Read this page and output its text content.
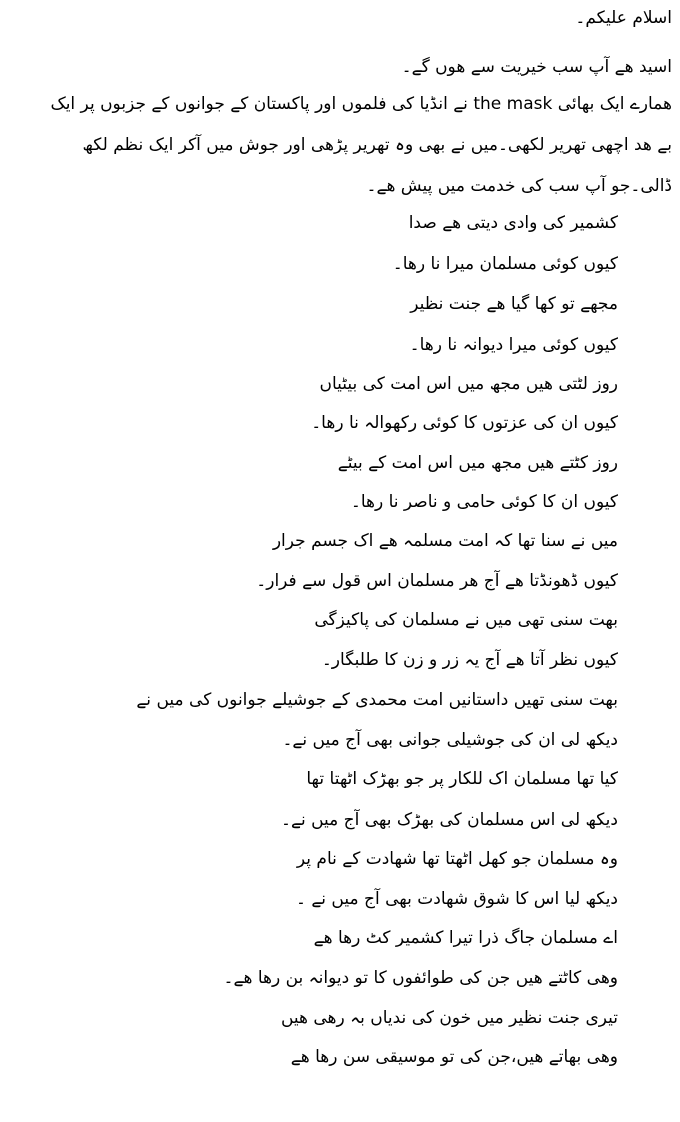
اسلام علیکم۔
اسید ھے آپ سب خیریت سے ھوں گے۔
ھمارے ایک بھائی the mask نے انڈیا کی فلموں اور پاکستان کے جوانوں کے جزبوں پر ایک
بے ھد اچھی تھریر لکھی۔میں نے بھی وہ تھریر پڑھی اور جوش میں آکر ایک نظم لکھ
ڈالی۔جو آپ سب کی خدمت میں پیش ھے۔
کشمیر کی وادی دیتی ھے صدا
کیوں کوئی مسلمان میرا نا رھا۔
مجھے تو کھا گیا ھے جنت نظیر
کیوں کوئی میرا دیوانہ نا رھا۔
روز لٹتی ھیں مجھ میں اس امت کی بیٹیاں
کیوں ان کی عزتوں کا کوئی رکھوالہ نا رھا۔
روز کٹتے ھیں مجھ میں اس امت کے بیٹے
کیوں ان کا کوئی حامی و ناصر نا رھا۔
میں نے سنا تھا کہ امت مسلمہ ھے اک جسم جرار
کیوں ڈھونڈتا ھے آج ھر مسلمان اس قول سے فرار۔
بھت سنی تھی میں نے مسلمان کی پاکیزگی
کیوں نظر آتا ھے آج یہ زر و زن کا طلبگار۔
بھت سنی تھیں داستانیں امت محمدی کے جوشیلے جوانوں کی میں نے
دیکھ لی ان کی جوشیلی جوانی بھی آج میں نے۔
کیا تھا مسلمان اک للکار پر جو بھڑک اٹھتا تھا
دیکھ لی اس مسلمان کی بھڑک بھی آج میں نے۔
وہ مسلمان جو کھل اٹھتا تھا شھادت کے نام پر
دیکھ لیا اس کا شوق شھادت بھی آج میں نے ۔
اے مسلمان جاگ ذرا تیرا کشمیر کٹ رھا ھے
وھی کاٹتے ھیں جن کی طوائفوں کا تو دیوانہ بن رھا ھے۔
تیری جنت نظیر میں خون کی ندیاں بہ رھی ھیں
وھی بھاتے ھیں،جن کی تو موسیقی سن رھا ھے
